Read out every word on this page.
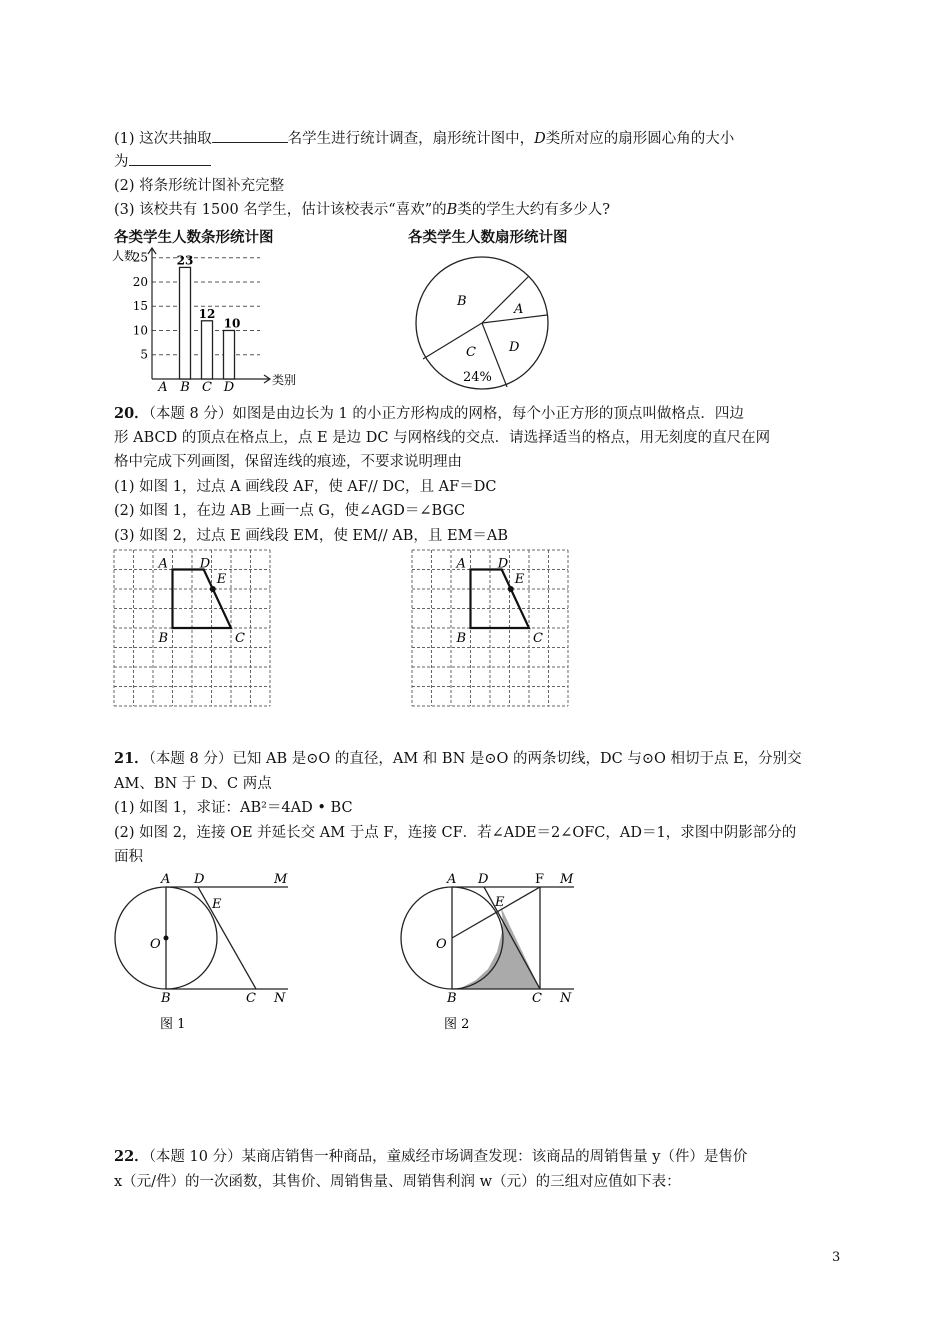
(1) 这次共抽取	名学生进行统计调查，扇形统计图中，D类所对应的扇形圆心角的大小
为
(2) 将条形统计图补充完整
(3) 该校共有 1500 名学生，估计该校表示“喜欢”的B类的学生大约有多少人?
各类学生人数条形统计图	各类学生人数扇形统计图
人数
类别
5
10
15
20
25 23
12
10
A B C D
B
A
D
C
24%
20．（本题 8 分）如图是由边长为 1 的小正方形构成的网格，每个小正方形的顶点叫做格点．四边
形 ABCD 的顶点在格点上，点 E 是边 DC 与网格线的交点．请选择适当的格点，用无刻度的直尺在网
格中完成下列画图，保留连线的痕迹，不要求说明理由
(1) 如图 1，过点 A 画线段 AF，使 AF// DC，且 AF＝DC
(2) 如图 1，在边 AB 上画一点 G，使∠AGD＝∠BGC
(3) 如图 2，过点 E 画线段 EM，使 EM// AB，且 EM＝AB
A D
E
B	C
A D
E
B	C
21．（本题 8 分）已知 AB 是⊙O 的直径，AM 和 BN 是⊙O 的两条切线，DC 与⊙O 相切于点 E，分别交
AM、BN 于 D、C 两点
(1) 如图 1，求证：AB²＝4AD • BC
(2) 如图 2，连接 OE 并延长交 AM 于点 F，连接 CF．若∠ADE＝2∠OFC，AD＝1，求图中阴影部分的
面积
A D	M
E
O
B	C N
图 1
A D	F M
E
O
B	C N
图 2
22．（本题 10 分）某商店销售一种商品，童威经市场调查发现：该商品的周销售量 y（件）是售价
x（元/件）的一次函数，其售价、周销售量、周销售利润 w（元）的三组对应值如下表：
3
